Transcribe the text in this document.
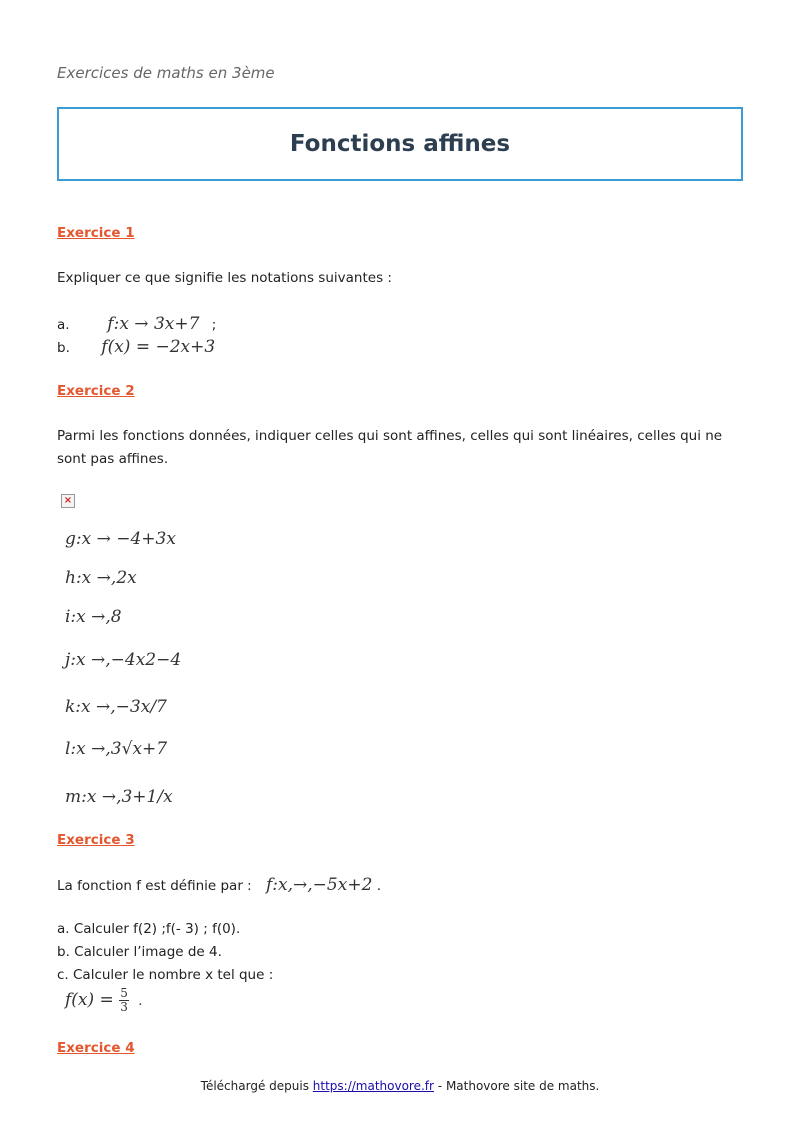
Exercices de maths en 3ème
Fonctions affines
Exercice 1
Expliquer ce que signifie les notations suivantes :
a. f:x → 3x+7 ;
b. f(x) = −2x+3
Exercice 2
Parmi les fonctions données, indiquer celles qui sont affines, celles qui sont linéaires, celles qui ne sont pas affines.
×
g:x → −4+3x
h:x →,2x
i:x →,8
j:x →,−4x2−4
k:x →,−3x/7
l:x →,3√x+7
m:x →,3+1/x
Exercice 3
La fonction f est définie par : f:x,→,−5x+2 .
a. Calculer f(2) ;f(- 3) ; f(0).
b. Calculer l’image de 4.
c. Calculer le nombre x tel que :
$f(x) = \frac{5}{3}$ .
Exercice 4
Téléchargé depuis https://mathovore.fr - Mathovore site de maths.
